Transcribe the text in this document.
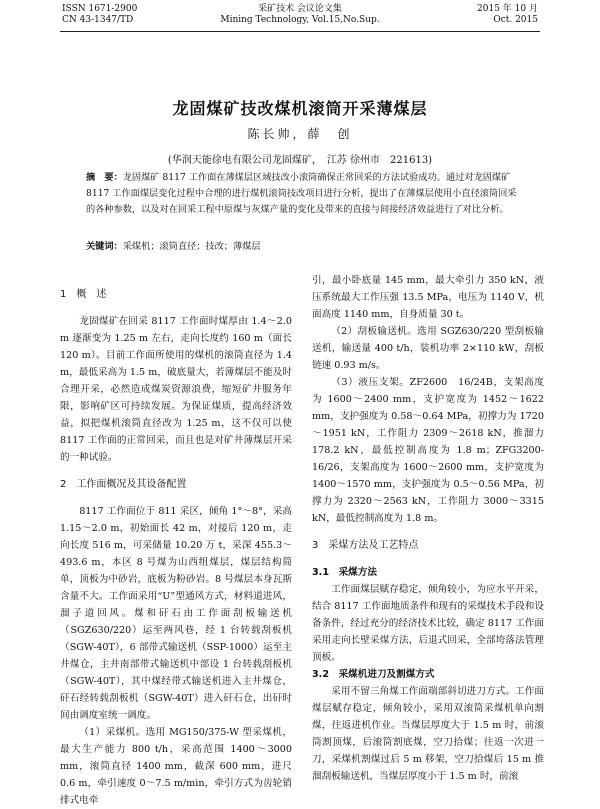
ISSN 1671-2900
CN 43-1347/TD
采矿技术 会议论文集
Mining Technology, Vol.15,No.Sup.
2015 年 10 月
Oct. 2015
龙固煤矿技改煤机滚筒开采薄煤层
陈长帅，薛　创
(华润天能徐电有限公司龙固煤矿，　江苏 徐州市　221613)
摘　要：龙固煤矿 8117 工作面在薄煤层区域技改小滚筒确保正常回采的方法试验成功。通过对龙固煤矿 8117 工作面煤层变化过程中合理的进行煤机滚筒技改项目进行分析，提出了在薄煤层使用小直径滚筒回采的各种参数，以及对在回采工程中原煤与灰煤产量的变化及带来的直接与间接经济效益进行了对比分析。
关键词：采煤机；滚筒直径；技改；薄煤层
1　概　述

龙固煤矿在回采 8117 工作面时煤厚由 1.4～2.0 m 逐渐变为 1.25 m 左右，走向长度约 160 m（面长 120 m）。目前工作面所使用的煤机的滚筒直径为 1.4 m，最低采高为 1.5 m，破底量大，若薄煤层不能及时合理开采，必然造成煤炭资源浪费，缩短矿井服务年限，影响矿区可持续发展。为保证煤质，提高经济效益，拟把煤机滚筒直径改为 1.25 m，这不仅可以使 8117 工作面的正常回采，而且也是对矿井薄煤层开采的一种试验。

2　工作面概况及其设备配置

8117 工作面位于 811 采区，倾角 1°～8°，采高 1.15～2.0 m，初始面长 42 m，对接后 120 m，走向长度 516 m，可采储量 10.20 万 t，采深 455.3～493.6 m，本区 8 号煤为山西组煤层，煤层结构简单，顶板为中砂岩，底板为粉砂岩。8 号煤层本身瓦斯含量不大。工作面采用“U”型通风方式，材料道进风，溜子道回风。煤和矸石由工作面刮板输送机（SGZ630/220）运至两风巷，经 1 台转载刮板机（SGW-40T），6 部带式输送机（SSP-1000）运至主井煤仓，主井南部带式输送机中部设 1 台转载刮板机（SGW-40T），其中煤经带式输送机进入主井煤仓，矸石经转载刮板机（SGW-40T）进入矸石仓，出矸时间由调度室统一调度。

（1）采煤机。选用 MG150/375-W 型采煤机，最大生产能力 800 t/h，采高范围 1400～3000 mm，滚筒直径 1400 mm，截深 600 mm，进尺 0.6 m，牵引速度 0～7.5 m/min，牵引方式为齿轮销排式电牵

引，最小卧底量 145 mm，最大牵引力 350 kN，液压系统最大工作压强 13.5 MPa，电压为 1140 V，机面高度 1140 mm，自身质量 30 t。

（2）刮板输送机。选用 SGZ630/220 型刮板输送机，输送量 400 t/h，装机功率 2×110 kW，刮板链速 0.93 m/s。

（3）液压支架。ZF2600　16/24B，支架高度为 1600～2400 mm，支护宽度为 1452～1622 mm，支护强度为 0.58～0.64 MPa，初撑力为 1720～1951 kN，工作阻力 2309～2618 kN，推溜力 178.2 kN，最低控制高度为 1.8 m；ZFG3200-16/26，支架高度为 1600～2600 mm，支护宽度为 1400～1570 mm，支护强度为 0.5～0.56 MPa，初撑力为 2320～2563 kN，工作阻力 3000～3315 kN，最低控制高度为 1.8 m。

3　采煤方法及工艺特点
3.1　采煤方法

工作面煤层赋存稳定，倾角较小，为应水平开采，结合 8117 工作面地质条件和现有的采煤技术手段和设备条件，经过充分的经济技术比较，确定 8117 工作面采用走向长壁采煤方法，后退式回采，全部垮落法管理顶板。

3.2　采煤机进刀及割煤方式

采用不留三角煤工作面端部斜切进刀方式。工作面煤层赋存稳定，倾角较小，采用双滚筒采煤机单向割煤，往返进机作业。当煤层厚度大于 1.5 m 时，前滚筒割顶煤，后滚筒割底煤，空刀拾煤；往返一次进一刀，采煤机割煤过后 5 m 移架，空刀拾煤后 15 m 推溜刮板输送机，当煤层厚度小于 1.5 m 时，前滚
